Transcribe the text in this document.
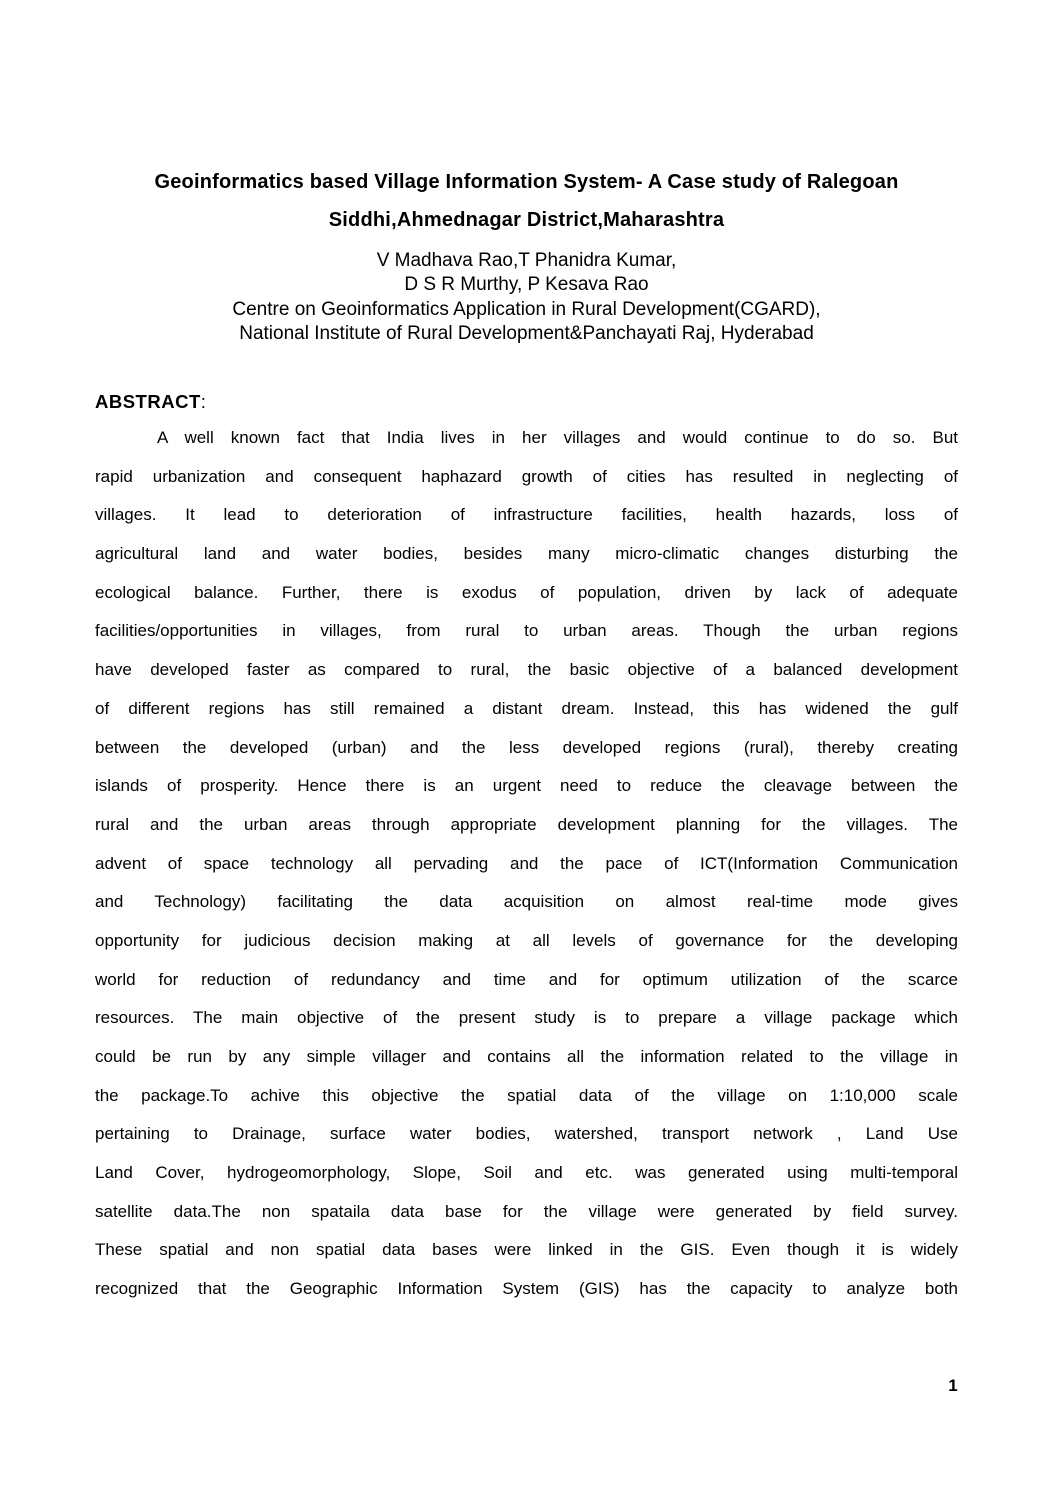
Geoinformatics based Village Information System- A Case study of Ralegoan
Siddhi,Ahmednagar District,Maharashtra
V Madhava Rao,T Phanidra Kumar,
D S R Murthy, P Kesava Rao
Centre on Geoinformatics Application in Rural Development(CGARD),
National Institute of Rural Development&Panchayati Raj, Hyderabad
ABSTRACT:
A well known fact that India lives in her villages and would continue to do so. But
rapid urbanization and consequent haphazard growth of cities has resulted in neglecting of
villages. It lead to deterioration of infrastructure facilities, health hazards, loss of
agricultural land and water bodies, besides many micro-climatic changes disturbing the
ecological balance. Further, there is exodus of population, driven by lack of adequate
facilities/opportunities in villages, from rural to urban areas. Though the urban regions
have developed faster as compared to rural, the basic objective of a balanced development
of different regions has still remained a distant dream. Instead, this has widened the gulf
between the developed (urban) and the less developed regions (rural), thereby creating
islands of prosperity. Hence there is an urgent need to reduce the cleavage between the
rural and the urban areas through appropriate development planning for the villages. The
advent of space technology all pervading and the pace of ICT(Information Communication
and Technology) facilitating the data acquisition on almost real-time mode gives
opportunity for judicious decision making at all levels of governance for the developing
world for reduction of redundancy and time and for optimum utilization of the scarce
resources. The main objective of the present study is to prepare a village package which
could be run by any simple villager and contains all the information related to the village in
the package.To achive this objective the spatial data of the village on 1:10,000 scale
pertaining to Drainage, surface water bodies, watershed, transport network , Land Use
Land Cover, hydrogeomorphology, Slope, Soil and etc. was generated using multi-temporal
satellite data.The non spataila data base for the village were generated by field survey.
These spatial and non spatial data bases were linked in the GIS. Even though it is widely
recognized that the Geographic Information System (GIS) has the capacity to analyze both
1
